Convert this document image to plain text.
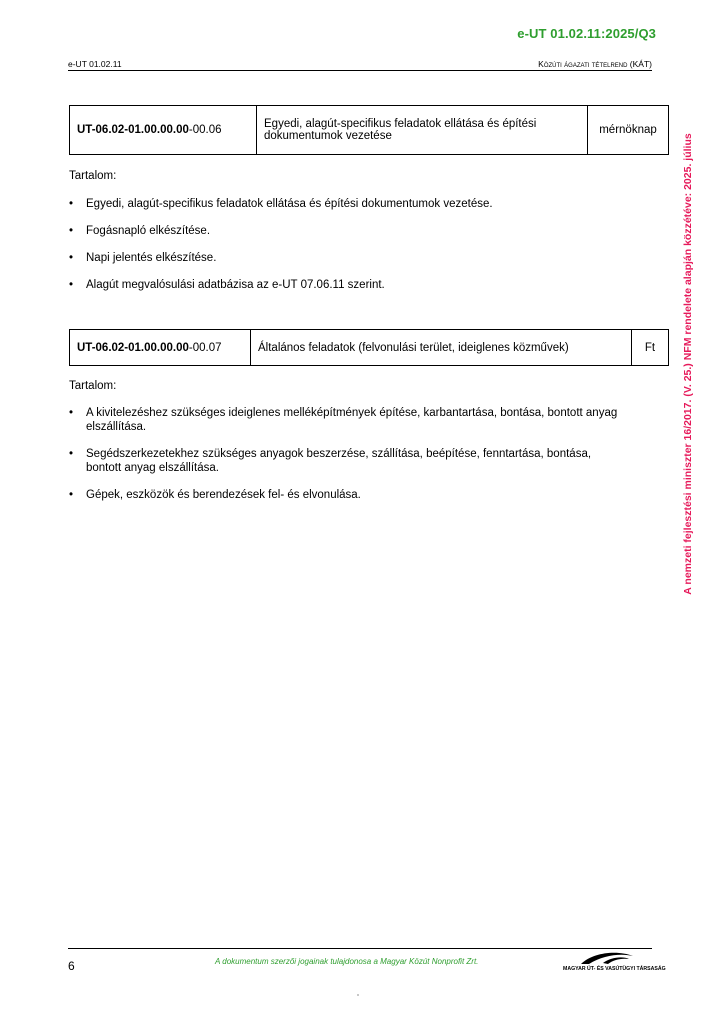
e-UT 01.02.11:2025/Q3
e-UT 01.02.11	Közúti ágazati tételrend (KÁT)
A nemzeti fejlesztési miniszter 16/2017. (V. 25.) NFM rendelete alapján közzétéve: 2025. július
UT-06.02-01.00.00.00-00.06	Egyedi, alagút-specifikus feladatok ellátása és építési dokumentumok vezetése	mérnöknap
Tartalom:
• Egyedi, alagút-specifikus feladatok ellátása és építési dokumentumok vezetése.
• Fogásnapló elkészítése.
• Napi jelentés elkészítése.
• Alagút megvalósulási adatbázisa az e-UT 07.06.11 szerint.
UT-06.02-01.00.00.00-00.07	Általános feladatok (felvonulási terület, ideiglenes közművek)	Ft
Tartalom:
• A kivitelezéshez szükséges ideiglenes melléképítmények építése, karbantartása, bontása, bontott anyag elszállítása.
• Segédszerkezetekhez szükséges anyagok beszerzése, szállítása, beépítése, fenntartása, bontása, bontott anyag elszállítása.
• Gépek, eszközök és berendezések fel- és elvonulása.
6	A dokumentum szerzői jogainak tulajdonosa a Magyar Közút Nonprofit Zrt.
MAGYAR ÚT- ÉS VASÚTÜGYI TÁRSASÁG
